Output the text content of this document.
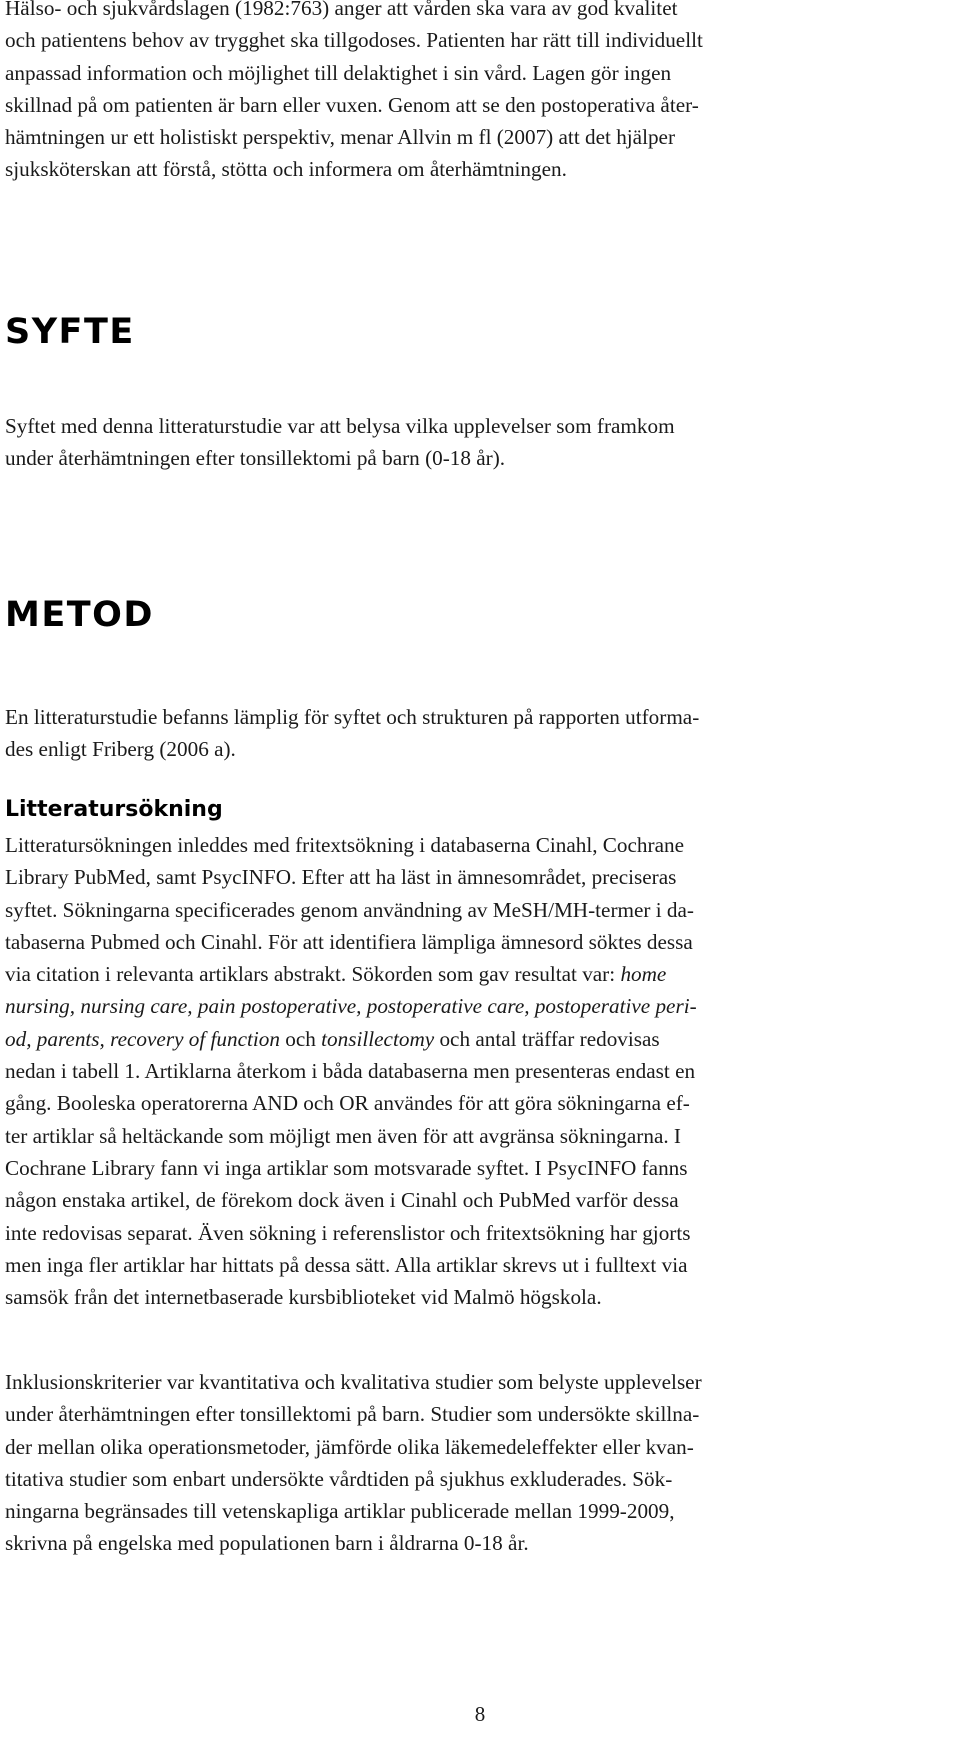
Hälso- och sjukvårdslagen (1982:763) anger att vården ska vara av god kvalitet
och patientens behov av trygghet ska tillgodoses. Patienten har rätt till individuellt
anpassad information och möjlighet till delaktighet i sin vård. Lagen gör ingen
skillnad på om patienten är barn eller vuxen. Genom att se den postoperativa åter-
hämtningen ur ett holistiskt perspektiv, menar Allvin m fl (2007) att det hjälper
sjuksköterskan att förstå, stötta och informera om återhämtningen.
SYFTE
Syftet med denna litteraturstudie var att belysa vilka upplevelser som framkom
under återhämtningen efter tonsillektomi på barn (0-18 år).
METOD
En litteraturstudie befanns lämplig för syftet och strukturen på rapporten utforma-
des enligt Friberg (2006 a).
Litteratursökning
Litteratursökningen inleddes med fritextsökning i databaserna Cinahl, Cochrane
Library PubMed, samt PsycINFO. Efter att ha läst in ämnesområdet, preciseras
syftet. Sökningarna specificerades genom användning av MeSH/MH-termer i da-
tabaserna Pubmed och Cinahl. För att identifiera lämpliga ämnesord söktes dessa
via citation i relevanta artiklars abstrakt. Sökorden som gav resultat var: home
nursing, nursing care, pain postoperative, postoperative care, postoperative peri-
od, parents, recovery of function och tonsillectomy och antal träffar redovisas
nedan i tabell 1. Artiklarna återkom i båda databaserna men presenteras endast en
gång. Booleska operatorerna AND och OR användes för att göra sökningarna ef-
ter artiklar så heltäckande som möjligt men även för att avgränsa sökningarna. I
Cochrane Library fann vi inga artiklar som motsvarade syftet. I PsycINFO fanns
någon enstaka artikel, de förekom dock även i Cinahl och PubMed varför dessa
inte redovisas separat. Även sökning i referenslistor och fritextsökning har gjorts
men inga fler artiklar har hittats på dessa sätt. Alla artiklar skrevs ut i fulltext via
samsök från det internetbaserade kursbiblioteket vid Malmö högskola.
Inklusionskriterier var kvantitativa och kvalitativa studier som belyste upplevelser
under återhämtningen efter tonsillektomi på barn. Studier som undersökte skillna-
der mellan olika operationsmetoder, jämförde olika läkemedeleffekter eller kvan-
titativa studier som enbart undersökte vårdtiden på sjukhus exkluderades. Sök-
ningarna begränsades till vetenskapliga artiklar publicerade mellan 1999-2009,
skrivna på engelska med populationen barn i åldrarna 0-18 år.
8
